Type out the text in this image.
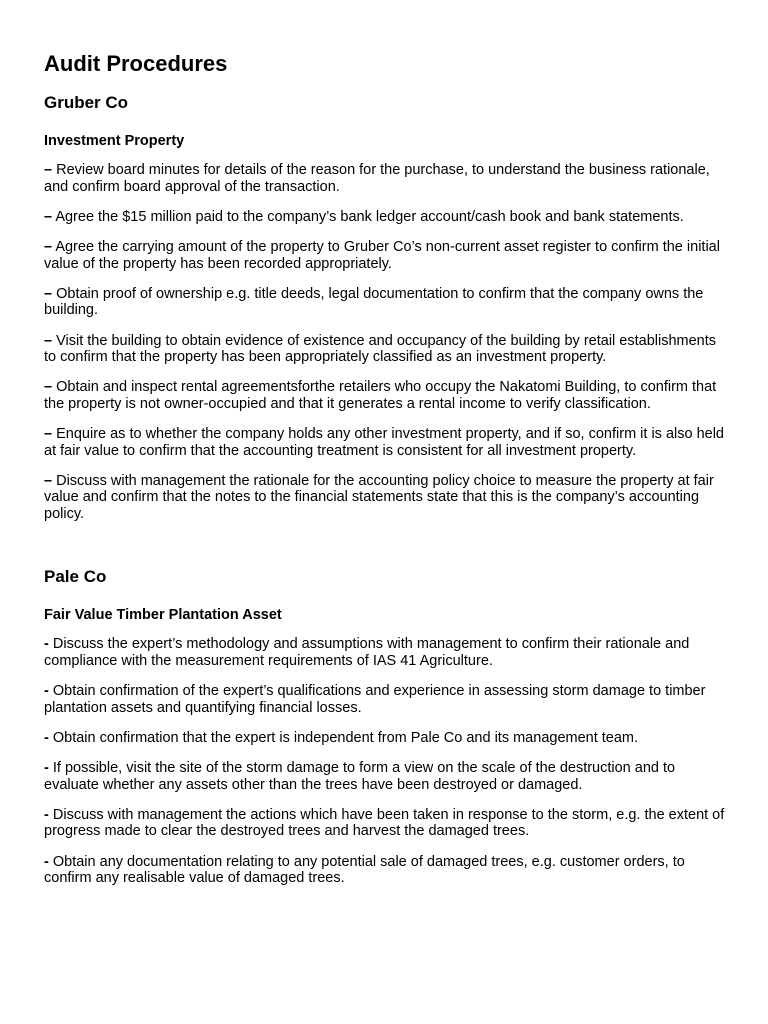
Audit Procedures
Gruber Co
Investment Property
– Review board minutes for details of the reason for the purchase, to understand the business rationale, and confirm board approval of the transaction.
– Agree the $15 million paid to the company’s bank ledger account/cash book and bank statements.
– Agree the carrying amount of the property to Gruber Co’s non-current asset register to confirm the initial value of the property has been recorded appropriately.
– Obtain proof of ownership e.g. title deeds, legal documentation to confirm that the company owns the building.
– Visit the building to obtain evidence of existence and occupancy of the building by retail establishments to confirm that the property has been appropriately classified as an investment property.
– Obtain and inspect rental agreementsforthe retailers who occupy the Nakatomi Building, to confirm that the property is not owner-occupied and that it generates a rental income to verify classification.
– Enquire as to whether the company holds any other investment property, and if so, confirm it is also held at fair value to confirm that the accounting treatment is consistent for all investment property.
– Discuss with management the rationale for the accounting policy choice to measure the property at fair value and confirm that the notes to the financial statements state that this is the company’s accounting policy.
Pale Co
Fair Value Timber Plantation Asset
- Discuss the expert’s methodology and assumptions with management to confirm their rationale and compliance with the measurement requirements of IAS 41 Agriculture.
- Obtain confirmation of the expert’s qualifications and experience in assessing storm damage to timber plantation assets and quantifying financial losses.
- Obtain confirmation that the expert is independent from Pale Co and its management team.
- If possible, visit the site of the storm damage to form a view on the scale of the destruction and to evaluate whether any assets other than the trees have been destroyed or damaged.
- Discuss with management the actions which have been taken in response to the storm, e.g. the extent of progress made to clear the destroyed trees and harvest the damaged trees.
- Obtain any documentation relating to any potential sale of damaged trees, e.g. customer orders, to confirm any realisable value of damaged trees.
